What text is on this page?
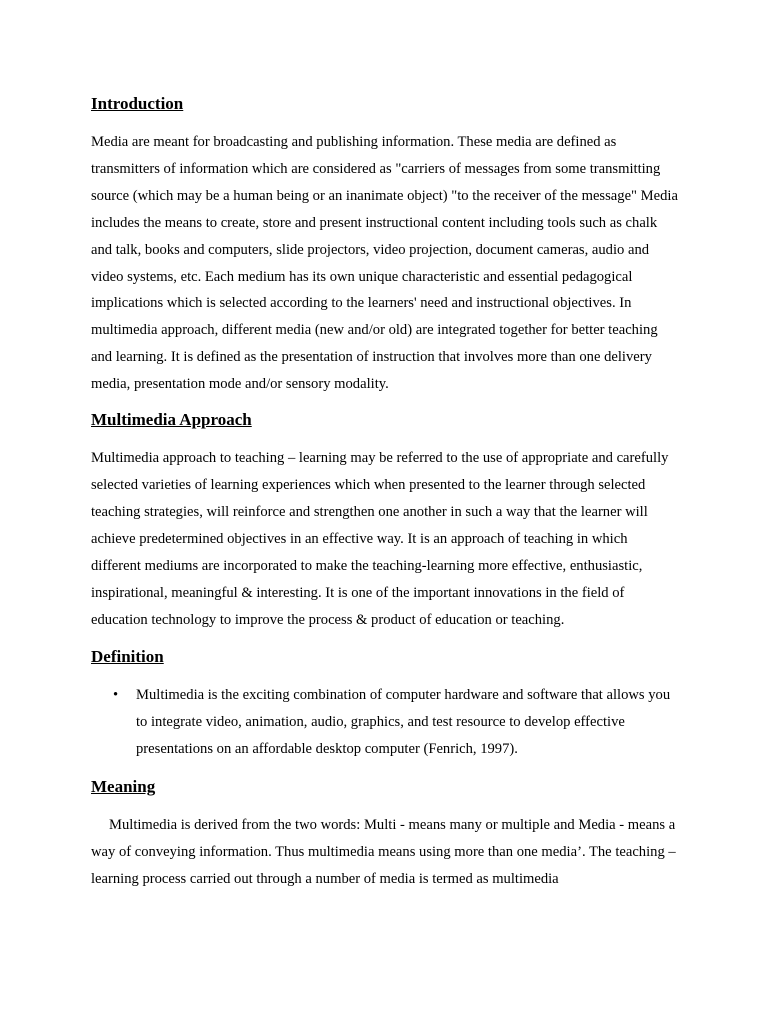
Introduction

Media are meant for broadcasting and publishing information. These media are defined as transmitters of information which are considered as "carriers of messages from some transmitting source (which may be a human being or an inanimate object) "to the receiver of the message" Media includes the means to create, store and present instructional content including tools such as chalk and talk, books and computers, slide projectors, video projection, document cameras, audio and video systems, etc. Each medium has its own unique characteristic and essential pedagogical implications which is selected according to the learners' need and instructional objectives. In multimedia approach, different media (new and/or old) are integrated together for better teaching and learning. It is defined as the presentation of instruction that involves more than one delivery media, presentation mode and/or sensory modality.

Multimedia Approach

Multimedia approach to teaching – learning may be referred to the use of appropriate and carefully selected varieties of learning experiences which when presented to the learner through selected teaching strategies, will reinforce and strengthen one another in such a way that the learner will achieve predetermined objectives in an effective way. It is an approach of teaching in which different mediums are incorporated to make the teaching-learning more effective, enthusiastic, inspirational, meaningful & interesting. It is one of the important innovations in the field of education technology to improve the process & product of education or teaching.

Definition
• Multimedia is the exciting combination of computer hardware and software that allows you to integrate video, animation, audio, graphics, and test resource to develop effective presentations on an affordable desktop computer (Fenrich, 1997).
Meaning

Multimedia is derived from the two words: Multi - means many or multiple and Media - means a way of conveying information. Thus multimedia means using more than one media’. The teaching – learning process carried out through a number of media is termed as multimedia
